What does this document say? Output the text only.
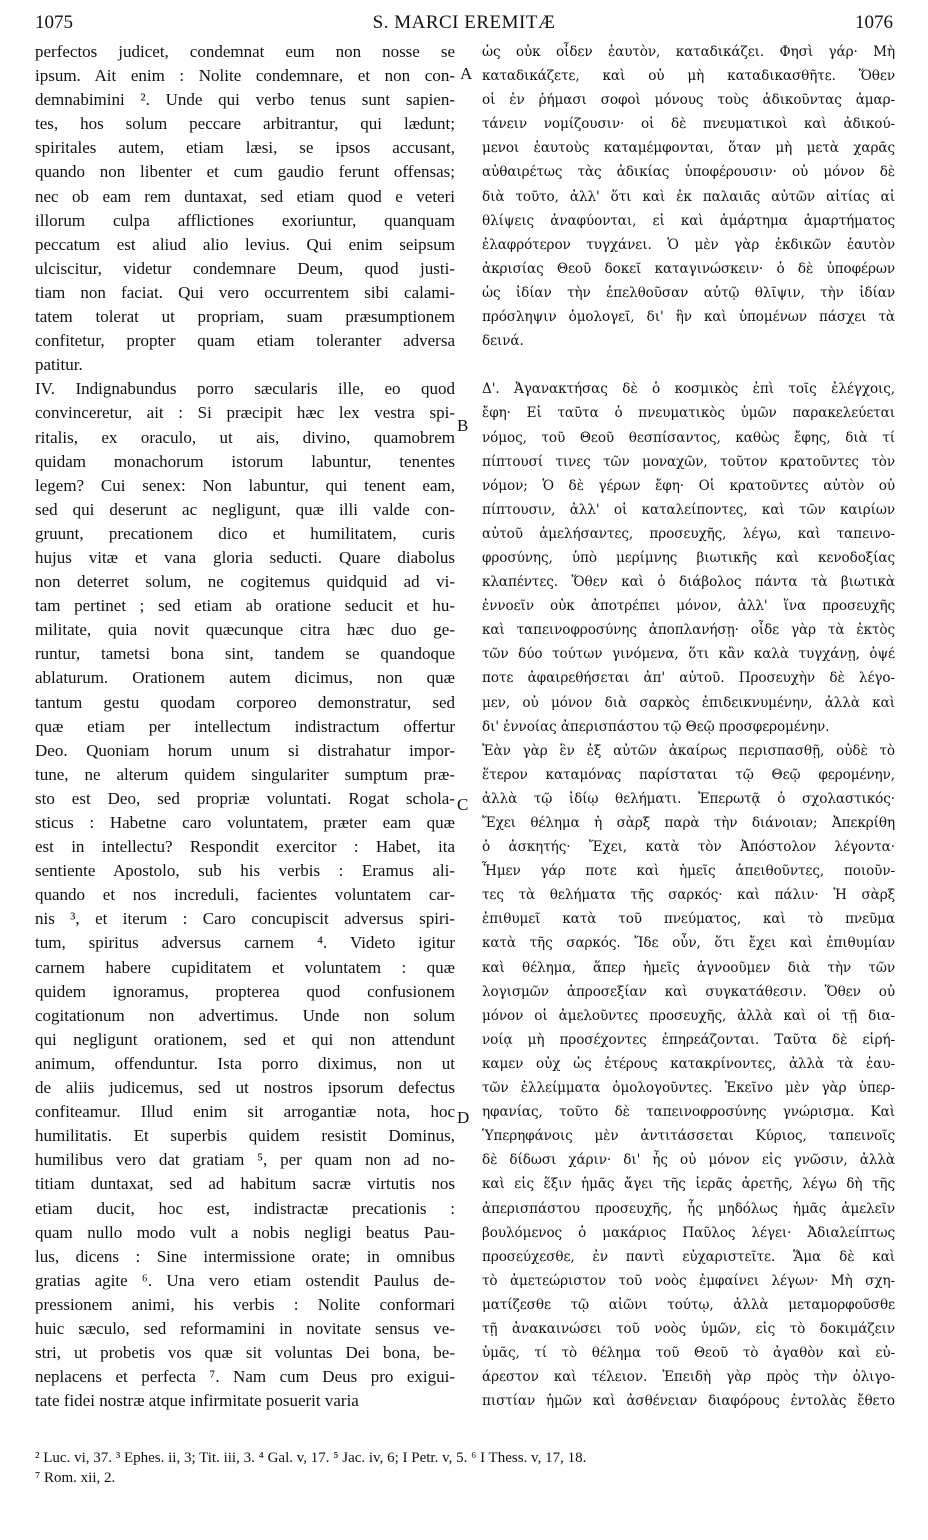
1075	S. MARCI EREMITÆ	1076
perfectos judicet, condemnat eum non nosse se
ipsum. Ait enim : Nolite condemnare, et non con-
demnabimini ². Unde qui verbo tenus sunt sapien-
tes, hos solum peccare arbitrantur, qui lædunt;
spiritales autem, etiam læsi, se ipsos accusant,
quando non libenter et cum gaudio ferunt offensas;
nec ob eam rem duntaxat, sed etiam quod e veteri
illorum culpa afflictiones exoriuntur, quanquam
peccatum est aliud alio levius. Qui enim seipsum
ulciscitur, videtur condemnare Deum, quod justi-
tiam non faciat. Qui vero occurrentem sibi calami-
tatem tolerat ut propriam, suam præsumptionem
confitetur, propter quam etiam toleranter adversa
patitur.
IV. Indignabundus porro sæcularis ille, eo quod
convinceretur, ait : Si præcipit hæc lex vestra spi-
ritalis, ex oraculo, ut ais, divino, quamobrem
quidam monachorum istorum labuntur, tenentes
legem? Cui senex: Non labuntur, qui tenent eam,
sed qui deserunt ac negligunt, quæ illi valde con-
gruunt, precationem dico et humilitatem, curis
hujus vitæ et vana gloria seducti. Quare diabolus
non deterret solum, ne cogitemus quidquid ad vi-
tam pertinet ; sed etiam ab oratione seducit et hu-
militate, quia novit quæcunque citra hæc duo ge-
runtur, tametsi bona sint, tandem se quandoque
ablaturum. Orationem autem dicimus, non quæ
tantum gestu quodam corporeo demonstratur, sed
quæ etiam per intellectum indistractum offertur
Deo. Quoniam horum unum si distrahatur impor-
tune, ne alterum quidem singulariter sumptum præ-
sto est Deo, sed propriæ voluntati. Rogat schola-
sticus : Habetne caro voluntatem, præter eam quæ
est in intellectu? Respondit exercitor : Habet, ita
sentiente Apostolo, sub his verbis : Eramus ali-
quando et nos increduli, facientes voluntatem car-
nis ³, et iterum : Caro concupiscit adversus spiri-
tum, spiritus adversus carnem ⁴. Videto igitur
carnem habere cupiditatem et voluntatem : quæ
quidem ignoramus, propterea quod confusionem
cogitationum non advertimus. Unde non solum
qui negligunt orationem, sed et qui non attendunt
animum, offenduntur. Ista porro diximus, non ut
de aliis judicemus, sed ut nostros ipsorum defectus
confiteamur. Illud enim sit arrogantiæ nota, hoc
humilitatis. Et superbis quidem resistit Dominus,
humilibus vero dat gratiam ⁵, per quam non ad no-
titiam duntaxat, sed ad habitum sacræ virtutis nos
etiam ducit, hoc est, indistractæ precationis :
quam nullo modo vult a nobis negligi beatus Pau-
lus, dicens : Sine intermissione orate; in omnibus
gratias agite ⁶. Una vero etiam ostendit Paulus de-
pressionem animi, his verbis : Nolite conformari
huic sæculo, sed reformamini in novitate sensus ve-
stri, ut probetis vos quæ sit voluntas Dei bona, be-
neplacens et perfecta ⁷. Nam cum Deus pro exigui-
tate fidei nostræ atque infirmitate posuerit varia
ὡς οὐκ οἶδεν ἑαυτὸν, καταδικάζει. Φησὶ γάρ· Μὴ
καταδικάζετε, καὶ οὐ μὴ καταδικασθῆτε. Ὅθεν
οἱ ἐν ῥήμασι σοφοὶ μόνους τοὺς ἀδικοῦντας ἁμαρ-
τάνειν νομίζουσιν· οἱ δὲ πνευματικοὶ καὶ ἀδικού-
μενοι ἑαυτοὺς καταμέμφονται, ὅταν μὴ μετὰ χαρᾶς
αὐθαιρέτως τὰς ἀδικίας ὑποφέρουσιν· οὐ μόνον δὲ
διὰ τοῦτο, ἀλλ' ὅτι καὶ ἐκ παλαιᾶς αὐτῶν αἰτίας αἱ
θλίψεις ἀναφύονται, εἰ καὶ ἁμάρτημα ἁμαρτήματος
ἐλαφρότερον τυγχάνει. Ὁ μὲν γὰρ ἐκδικῶν ἑαυτὸν
ἀκρισίας Θεοῦ δοκεῖ καταγινώσκειν· ὁ δὲ ὑποφέρων
ὡς ἰδίαν τὴν ἐπελθοῦσαν αὐτῷ θλῖψιν, τὴν ἰδίαν
πρόσληψιν ὁμολογεῖ, δι' ἣν καὶ ὑπομένων πάσχει τὰ
δεινά.
Δ'. Ἀγανακτήσας δὲ ὁ κοσμικὸς ἐπὶ τοῖς ἐλέγχοις,
ἔφη· Εἰ ταῦτα ὁ πνευματικὸς ὑμῶν παρακελεύεται
νόμος, τοῦ Θεοῦ θεσπίσαντος, καθὼς ἔφης, διὰ τί
πίπτουσί τινες τῶν μοναχῶν, τοῦτον κρατοῦντες τὸν
νόμον; Ὁ δὲ γέρων ἔφη· Οἱ κρατοῦντες αὐτὸν οὐ
πίπτουσιν, ἀλλ' οἱ καταλείποντες, καὶ τῶν καιρίων
αὐτοῦ ἀμελήσαντες, προσευχῆς, λέγω, καὶ ταπεινο-
φροσύνης, ὑπὸ μερίμνης βιωτικῆς καὶ κενοδοξίας
κλαπέντες. Ὅθεν καὶ ὁ διάβολος πάντα τὰ βιωτικὰ
ἐννοεῖν οὐκ ἀποτρέπει μόνον, ἀλλ' ἵνα προσευχῆς
καὶ ταπεινοφροσύνης ἀποπλανήσῃ· οἶδε γὰρ τὰ ἐκτὸς
τῶν δύο τούτων γινόμενα, ὅτι κἂν καλὰ τυγχάνῃ, ὀψέ
ποτε ἀφαιρεθήσεται ἀπ' αὐτοῦ. Προσευχὴν δὲ λέγο-
μεν, οὐ μόνον διὰ σαρκὸς ἐπιδεικνυμένην, ἀλλὰ καὶ
δι' ἐννοίας ἀπερισπάστου τῷ Θεῷ προσφερομένην.
Ἐὰν γὰρ ἓν ἐξ αὐτῶν ἀκαίρως περισπασθῇ, οὐδὲ τὸ
ἕτερον καταμόνας παρίσταται τῷ Θεῷ φερομένην,
ἀλλὰ τῷ ἰδίῳ θελήματι. Ἐπερωτᾷ ὁ σχολαστικός·
Ἔχει θέλημα ἡ σὰρξ παρὰ τὴν διάνοιαν; Ἀπεκρίθη
ὁ ἀσκητής· Ἔχει, κατὰ τὸν Ἀπόστολον λέγοντα·
Ἦμεν γάρ ποτε καὶ ἡμεῖς ἀπειθοῦντες, ποιοῦν-
τες τὰ θελήματα τῆς σαρκός· καὶ πάλιν· Ἡ σὰρξ
ἐπιθυμεῖ κατὰ τοῦ πνεύματος, καὶ τὸ πνεῦμα
κατὰ τῆς σαρκός. Ἴδε οὖν, ὅτι ἔχει καὶ ἐπιθυμίαν
καὶ θέλημα, ἅπερ ἡμεῖς ἀγνοοῦμεν διὰ τὴν τῶν
λογισμῶν ἀπροσεξίαν καὶ συγκατάθεσιν. Ὅθεν οὐ
μόνον οἱ ἀμελοῦντες προσευχῆς, ἀλλὰ καὶ οἱ τῇ δια-
νοίᾳ μὴ προσέχοντες ἐπηρεάζονται. Ταῦτα δὲ εἰρή-
καμεν οὐχ ὡς ἑτέρους κατακρίνοντες, ἀλλὰ τὰ ἑαυ-
τῶν ἐλλείμματα ὁμολογοῦντες. Ἐκεῖνο μὲν γὰρ ὑπερ-
ηφανίας, τοῦτο δὲ ταπεινοφροσύνης γνώρισμα. Καὶ
Ὑπερηφάνοις μὲν ἀντιτάσσεται Κύριος, ταπεινοῖς
δὲ δίδωσι χάριν· δι' ἧς οὐ μόνον εἰς γνῶσιν, ἀλλὰ
καὶ εἰς ἕξιν ἡμᾶς ἄγει τῆς ἱερᾶς ἀρετῆς, λέγω δὴ τῆς
ἀπερισπάστου προσευχῆς, ἧς μηδόλως ἡμᾶς ἀμελεῖν
βουλόμενος ὁ μακάριος Παῦλος λέγει· Ἀδιαλείπτως
προσεύχεσθε, ἐν παντὶ εὐχαριστεῖτε. Ἅμα δὲ καὶ
τὸ ἀμετεώριστον τοῦ νοὸς ἐμφαίνει λέγων· Μὴ σχη-
ματίζεσθε τῷ αἰῶνι τούτῳ, ἀλλὰ μεταμορφοῦσθε
τῇ ἀνακαινώσει τοῦ νοὸς ὑμῶν, εἰς τὸ δοκιμάζειν
ὑμᾶς, τί τὸ θέλημα τοῦ Θεοῦ τὸ ἀγαθὸν καὶ εὐ-
άρεστον καὶ τέλειον. Ἐπειδὴ γὰρ πρὸς τὴν ὀλιγο-
πιστίαν ἡμῶν καὶ ἀσθένειαν διαφόρους ἐντολὰς ἔθετο
A
B
C
D
² Luc. vi, 37. ³ Ephes. ii, 3; Tit. iii, 3. ⁴ Gal. v, 17. ⁵ Jac. iv, 6; I Petr. v, 5. ⁶ I Thess. v, 17, 18.
⁷ Rom. xii, 2.
